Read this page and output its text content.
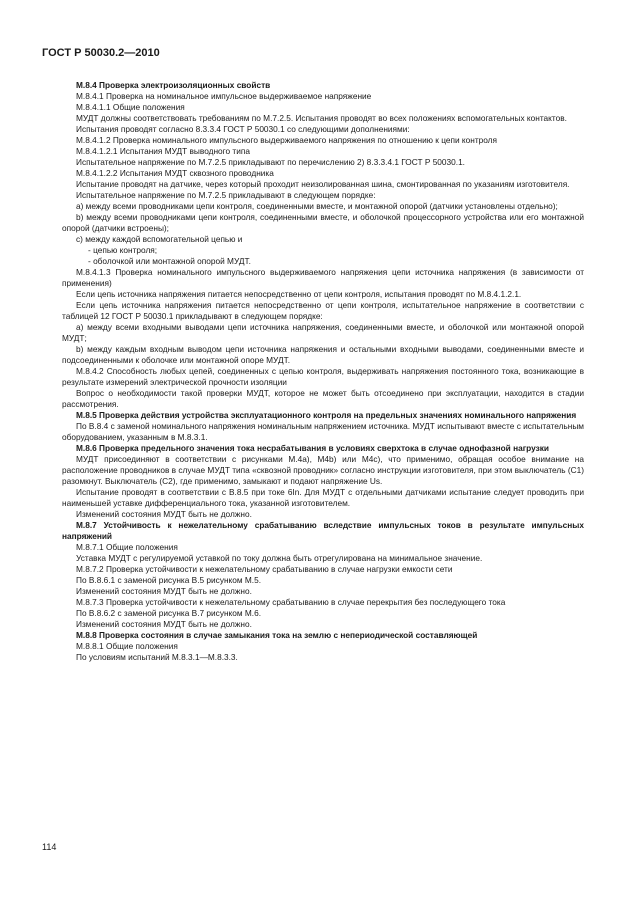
ГОСТ Р 50030.2—2010

М.8.4 Проверка электроизоляционных свойств

М.8.4.1 Проверка на номинальное импульсное выдерживаемое напряжение

М.8.4.1.1 Общие положения

МУДТ должны соответствовать требованиям по М.7.2.5. Испытания проводят во всех положениях вспомогательных контактов.

Испытания проводят согласно 8.3.3.4 ГОСТ Р 50030.1 со следующими дополнениями:

М.8.4.1.2 Проверка номинального импульсного выдерживаемого напряжения по отношению к цепи контроля

М.8.4.1.2.1 Испытания МУДТ выводного типа

Испытательное напряжение по М.7.2.5 прикладывают по перечислению 2) 8.3.3.4.1 ГОСТ Р 50030.1.

М.8.4.1.2.2 Испытания МУДТ сквозного проводника

Испытание проводят на датчике, через который проходит неизолированная шина, смонтированная по указаниям изготовителя.

Испытательное напряжение по М.7.2.5 прикладывают в следующем порядке:

а) между всеми проводниками цепи контроля, соединенными вместе, и монтажной опорой (датчики установлены отдельно);

b) между всеми проводниками цепи контроля, соединенными вместе, и оболочкой процессорного устройства или его монтажной опорой (датчики встроены);

с) между каждой вспомогательной цепью и

- цепью контроля;

- оболочкой или монтажной опорой МУДТ.

М.8.4.1.3 Проверка номинального импульсного выдерживаемого напряжения цепи источника напряжения (в зависимости от применения)

Если цепь источника напряжения питается непосредственно от цепи контроля, испытания проводят по М.8.4.1.2.1.

Если цепь источника напряжения питается непосредственно от цепи контроля, испытательное напряжение в соответствии с таблицей 12 ГОСТ Р 50030.1 прикладывают в следующем порядке:

а) между всеми входными выводами цепи источника напряжения, соединенными вместе, и оболочкой или монтажной опорой МУДТ;

b) между каждым входным выводом цепи источника напряжения и остальными входными выводами, соединенными вместе и подсоединенными к оболочке или монтажной опоре МУДТ.

М.8.4.2 Способность любых цепей, соединенных с цепью контроля, выдерживать напряжения постоянного тока, возникающие в результате измерений электрической прочности изоляции

Вопрос о необходимости такой проверки МУДТ, которое не может быть отсоединено при эксплуатации, находится в стадии рассмотрения.

М.8.5 Проверка действия устройства эксплуатационного контроля на предельных значениях номинального напряжения

По В.8.4 с заменой номинального напряжения номинальным напряжением источника. МУДТ испытывают вместе с испытательным оборудованием, указанным в М.8.3.1.

М.8.6 Проверка предельного значения тока несрабатывания в условиях сверхтока в случае однофазной нагрузки

МУДТ присоединяют в соответствии с рисунками М.4a), М4b) или М4c), что применимо, обращая особое внимание на расположение проводников в случае МУДТ типа «сквозной проводник» согласно инструкции изготовителя, при этом выключатель (С1) разомкнут. Выключатель (С2), где применимо, замыкают и подают напряжение Us.

Испытание проводят в соответствии с В.8.5 при токе 6In. Для МУДТ с отдельными датчиками испытание следует проводить при наименьшей уставке дифференциального тока, указанной изготовителем.

Изменений состояния МУДТ быть не должно.

М.8.7 Устойчивость к нежелательному срабатыванию вследствие импульсных токов в результате импульсных напряжений

М.8.7.1 Общие положения

Уставка МУДТ с регулируемой уставкой по току должна быть отрегулирована на минимальное значение.

М.8.7.2 Проверка устойчивости к нежелательному срабатыванию в случае нагрузки емкости сети

По В.8.6.1 с заменой рисунка В.5 рисунком М.5.

Изменений состояния МУДТ быть не должно.

М.8.7.3 Проверка устойчивости к нежелательному срабатыванию в случае перекрытия без последующего тока

По В.8.6.2 с заменой рисунка В.7 рисунком М.6.

Изменений состояния МУДТ быть не должно.

М.8.8 Проверка состояния в случае замыкания тока на землю с непериодической составляющей

М.8.8.1 Общие положения

По условиям испытаний М.8.3.1—М.8.3.3.

114
